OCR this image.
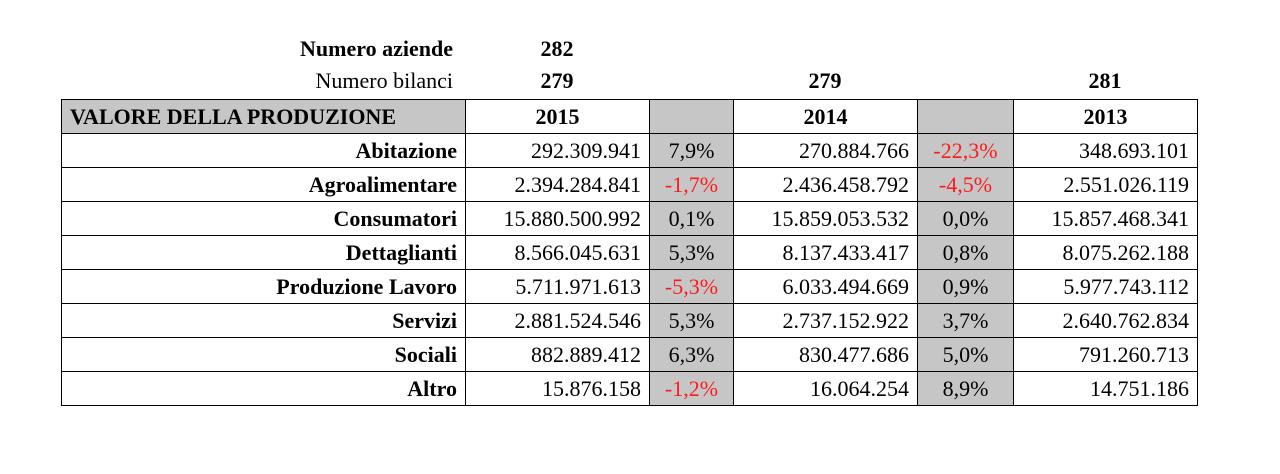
Numero aziende	282
Numero bilanci	279	279	281
VALORE DELLA PRODUZIONE	2015		2014		2013
Abitazione	292.309.941	7,9%	270.884.766	-22,3%	348.693.101
Agroalimentare	2.394.284.841	-1,7%	2.436.458.792	-4,5%	2.551.026.119
Consumatori	15.880.500.992	0,1%	15.859.053.532	0,0%	15.857.468.341
Dettaglianti	8.566.045.631	5,3%	8.137.433.417	0,8%	8.075.262.188
Produzione Lavoro	5.711.971.613	-5,3%	6.033.494.669	0,9%	5.977.743.112
Servizi	2.881.524.546	5,3%	2.737.152.922	3,7%	2.640.762.834
Sociali	882.889.412	6,3%	830.477.686	5,0%	791.260.713
Altro	15.876.158	-1,2%	16.064.254	8,9%	14.751.186
